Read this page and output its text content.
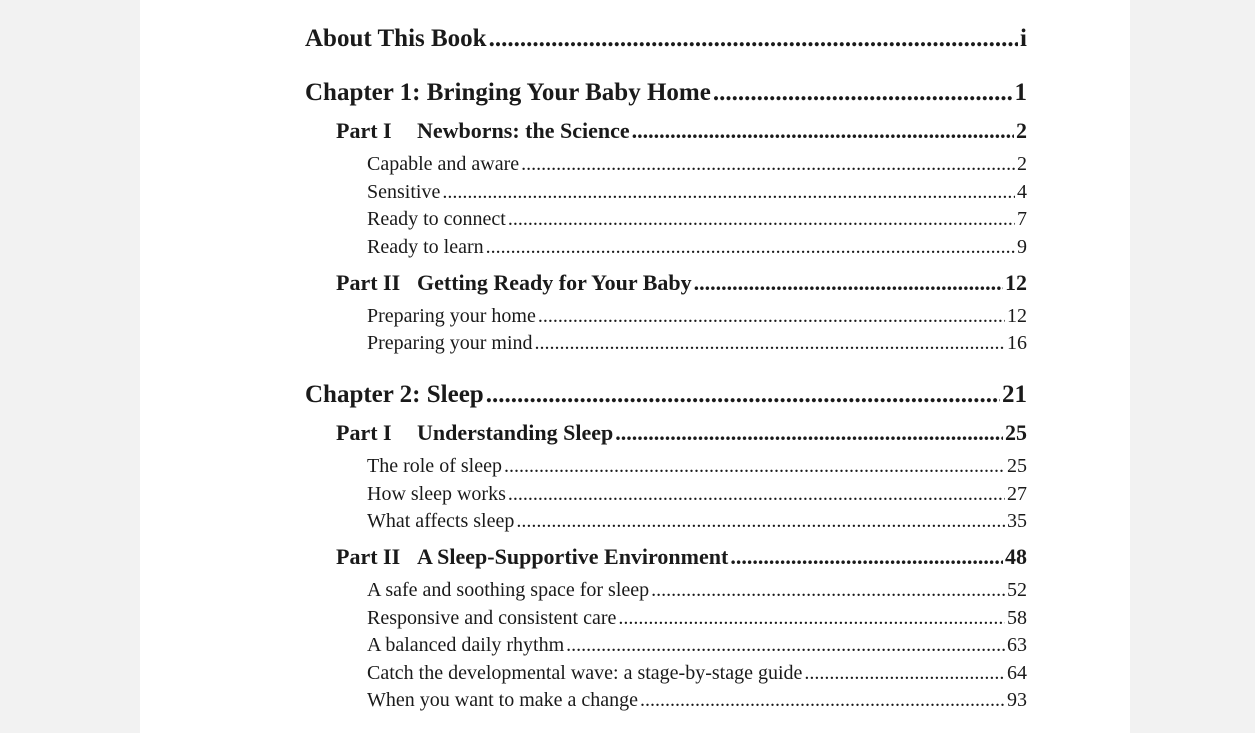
About This Book .....	i
Chapter 1: Bringing Your Baby Home .....	1
Part I Newborns: the Science .....	2
Capable and aware .....	2
Sensitive .....	4
Ready to connect .....	7
Ready to learn .....	9
Part II Getting Ready for Your Baby .....	12
Preparing your home .....	12
Preparing your mind .....	16
Chapter 2: Sleep .....	21
Part I Understanding Sleep .....	25
The role of sleep .....	25
How sleep works .....	27
What affects sleep .....	35
Part II A Sleep-Supportive Environment .....	48
A safe and soothing space for sleep .....	52
Responsive and consistent care .....	58
A balanced daily rhythm .....	63
Catch the developmental wave: a stage-by-stage guide .....	64
When you want to make a change .....	93
